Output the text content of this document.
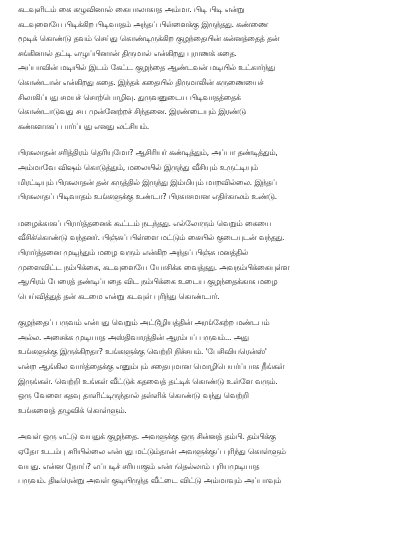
கடவுளிடம் கை கழுவினால் கையாலாகாத அம்மா. பிடி பிடி என்று
கடவுளையே பிடிக்கிற பிடிவாதம் அந்தப் பிள்ளைக்கு இருந்தது. கண்ணை
மூடிக் கொண்டு தவம் செய்து கொண்டிருக்கிற குழந்தையின் கன்னத்தைத் தன்
சங்கினால் தட்டி எழுப்பினான் திருமால் என்கிறது புராணக் கதை.
அப்பாவின் மடியில் இடம் கேட்ட குழந்தை ஆண்டவன் மடியில் உட்கார்ந்து
கொண்டான் என்கிறது கதை. இந்தக் கதையில் திருமாலின் கருணையைச்
சிலாகிப்பது சமயச் சொற்பொழிவு. துருவனுடைய பிடிவாதத்தைக்
கொண்டாடுவது சய முன்னேற்றச் சிந்தனை. இரண்டையும் இரண்டு
கண்களாகப் பார்ப்பது எனது லட்சியம்.

பிரகலாதன் சரித்திரம் தெரியுமோ? ஆசிரியர் கண்டித்தும், அப்பா தண்டித்தும்,
அம்மாவே விஷம் கொடுத்தும், மலையில் இருந்து வீசியும் உருட்டியும்
மிரட்டியும் பிரகலாதன் தன் கருத்தில் இருந்து இம்மியும் மாறவில்லை. இந்தப்
பிரகலாதப் பிடிவாதம் உங்களுக்கு உண்டா? பிரகாசமான எதிர்காலம் உண்டு.

மழைக்காகப் பிரார்த்தனைக் கூட்டம் நடந்தது. எல்லோரும் வெறும் கையை
வீசிக்கொண்டு வந்தனர். பிஞ்சுப் பிள்ளை மட்டும் கையில் குடையுடன் வந்தது.
பிரார்த்தனை முடிந்தும் மழை வரும் என்கிற அந்தப் பிஞ்சு மனத்தில்
முளைவிட்ட நம்பிக்கை, கடவுளையே யோசிக்க வைத்தது. அவநம்பிக்கையுள்ள
ஆயிரம் பேரைத் தண்டிப்பதை விட நம்பிக்கை உடைய குழந்தைக்காக மழை
பெய்வித்துத் தன் கடமை என்று கடவுள் புரிந்து கொண்டார்.

குழந்தைப் பருவம் என்பது வெறும் அட்டூழியத்தின் அரங்கேற்ற மண்டபம்
அல்ல. அசைக்க முடியாத அஸ்திவாரத்தின் ஆரம்பப் பருவம்... அது
உங்களுக்கு இருக்கிறதா? உங்களுக்கு வெற்றி நிச்சயம். 'பேசிவியரென்ஸ்'
என்ற ஆங்கில வார்த்தைக்கு எனும்பும் சதையுமான மொழிபெயர்ப்பாக நீங்கள்
இருங்கள். வெற்றி உங்கள் வீட்டுக் கதவைத் தட்டிக் கொண்டு உள்ளே வரும்.
ஒரு வேளை கதவு தாளிட்டிருந்தால் தள்ளிக் கொண்டு வந்து வெற்றி
உங்களைத் தழுவிக் கொள்ளும்.

அவள் ஒரு எட்டு வயதுக் குழந்தை. அவளுக்கு ஒரு சின்னத் தம்பி. தம்பிக்கு
ஏதோ உடம்பு சரியில்லை என்பது மட்டும்தான் அவளுக்குப் புரிந்து கொள்ளும்
வயது. என்ன நோய்? எப்படிச் சரியாகும் என்பதெல்லாம் புரியமுடியாத
பருவம். திடீரென்று அவள் குடியிருந்த வீட்டை விட்டு அம்மாவும் அப்பாவும்
